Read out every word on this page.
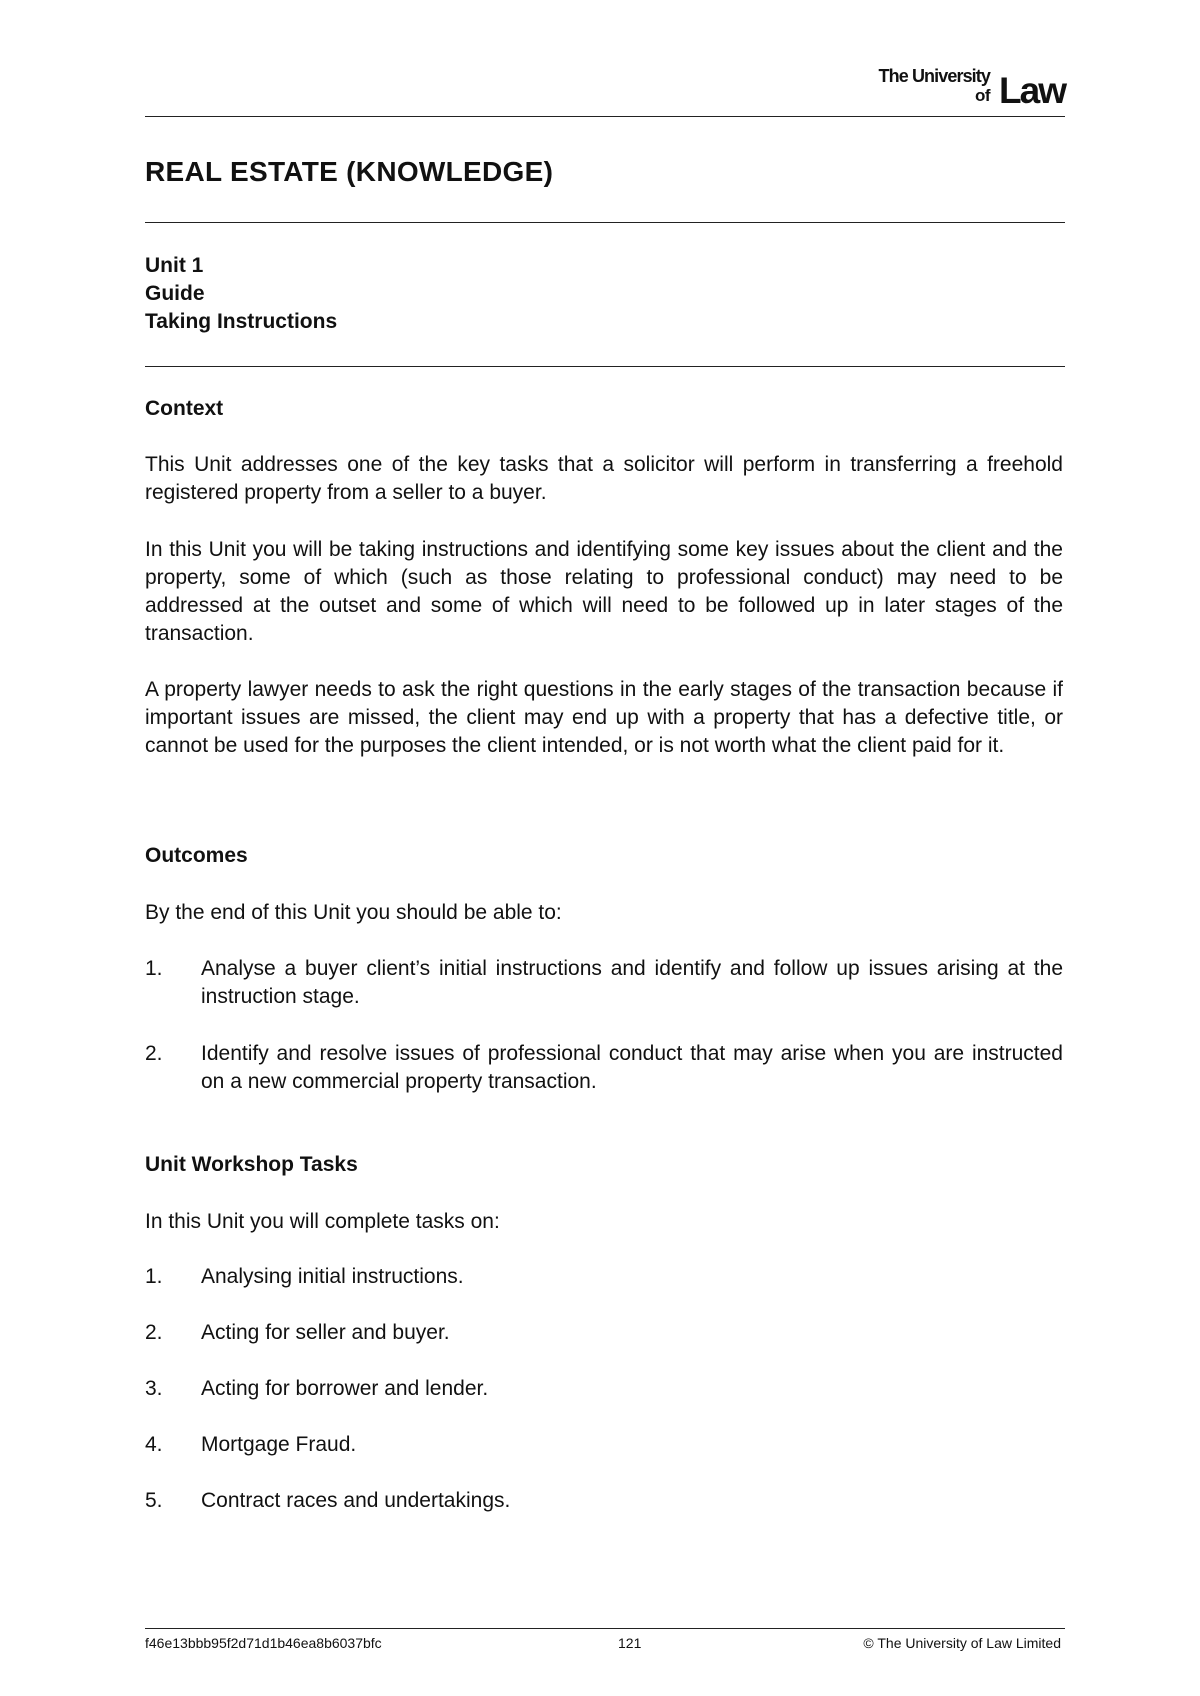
The University
of Law
REAL ESTATE (KNOWLEDGE)
Unit 1
Guide
Taking Instructions
Context

This Unit addresses one of the key tasks that a solicitor will perform in transferring a freehold registered property from a seller to a buyer.

In this Unit you will be taking instructions and identifying some key issues about the client and the property, some of which (such as those relating to professional conduct) may need to be addressed at the outset and some of which will need to be followed up in later stages of the transaction.

A property lawyer needs to ask the right questions in the early stages of the transaction because if important issues are missed, the client may end up with a property that has a defective title, or cannot be used for the purposes the client intended, or is not worth what the client paid for it.

Outcomes

By the end of this Unit you should be able to:

1. Analyse a buyer client’s initial instructions and identify and follow up issues arising at the instruction stage.
2. Identify and resolve issues of professional conduct that may arise when you are instructed on a new commercial property transaction.
Unit Workshop Tasks

In this Unit you will complete tasks on:

1. Analysing initial instructions.
2. Acting for seller and buyer.
3. Acting for borrower and lender.
4. Mortgage Fraud.
5. Contract races and undertakings.
f46e13bbb95f2d71d1b46ea8b6037bfc	121	© The University of Law Limited
